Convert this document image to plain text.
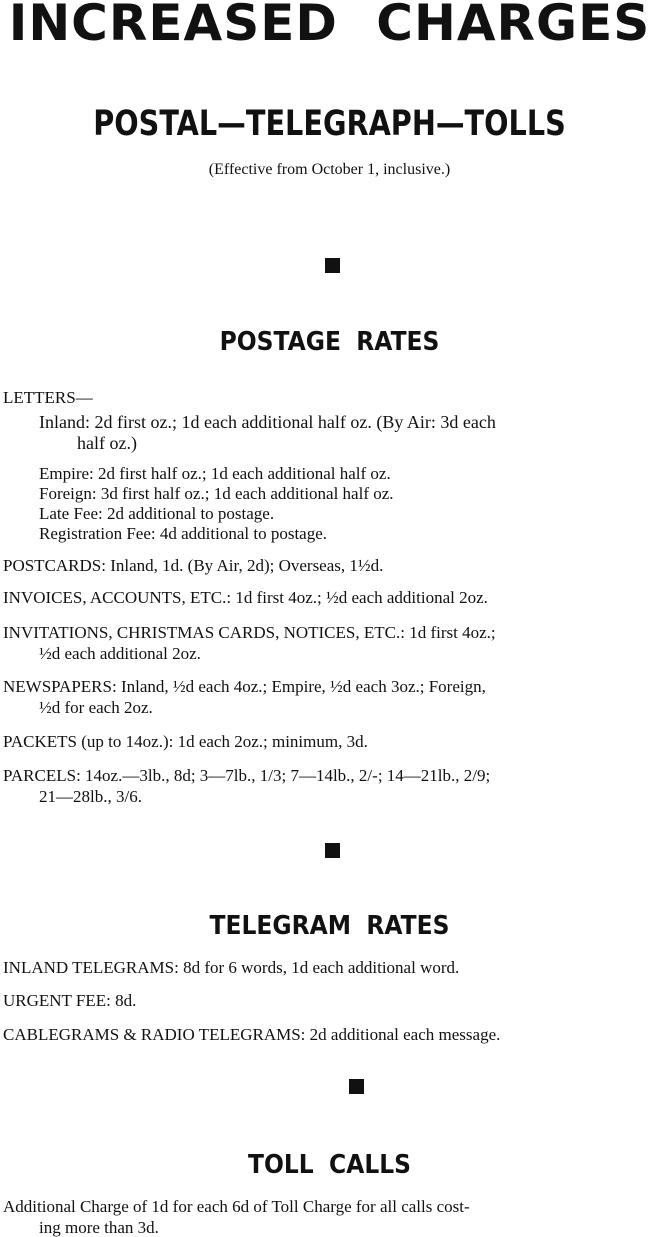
INCREASED CHARGES
POSTAL—TELEGRAPH—TOLLS
(Effective from October 1, inclusive.)
POSTAGE RATES
LETTERS—
Inland: 2d first oz.; 1d each additional half oz. (By Air: 3d each
half oz.)
Empire: 2d first half oz.; 1d each additional half oz.
Foreign: 3d first half oz.; 1d each additional half oz.
Late Fee: 2d additional to postage.
Registration Fee: 4d additional to postage.
POSTCARDS: Inland, 1d. (By Air, 2d); Overseas, 1½d.
INVOICES, ACCOUNTS, ETC.: 1d first 4oz.; ½d each additional 2oz.
INVITATIONS, CHRISTMAS CARDS, NOTICES, ETC.: 1d first 4oz.;
½d each additional 2oz.
NEWSPAPERS: Inland, ½d each 4oz.; Empire, ½d each 3oz.; Foreign,
½d for each 2oz.
PACKETS (up to 14oz.): 1d each 2oz.; minimum, 3d.
PARCELS: 14oz.—3lb., 8d; 3—7lb., 1/3; 7—14lb., 2/-; 14—21lb., 2/9;
21—28lb., 3/6.
TELEGRAM RATES
INLAND TELEGRAMS: 8d for 6 words, 1d each additional word.
URGENT FEE: 8d.
CABLEGRAMS & RADIO TELEGRAMS: 2d additional each message.
TOLL CALLS
Additional Charge of 1d for each 6d of Toll Charge for all calls cost-
ing more than 3d.
